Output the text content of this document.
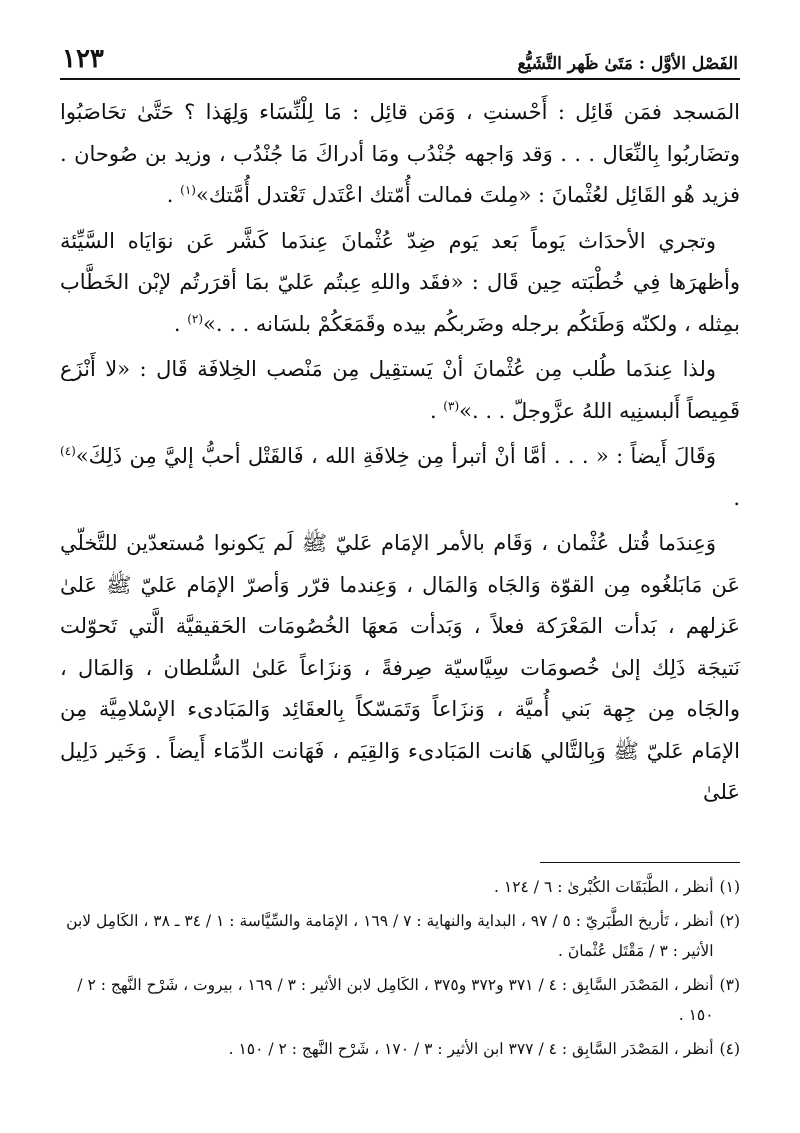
الفَصْل الأوَّل : مَتَىٰ ظَهر التَّشَيُّع
١٢٣

المَسجد فمَن قَائِل : أَحْسنتِ ، وَمَن قائِل : مَا لِلْنِّسَاء وَلِهَذا ؟ حَتَّىٰ تحَاصَبُوا وتضَاربُوا بِالنِّعَال . . . وَقد وَاجهه جُنْدُب ومَا أدراكَ مَا جُنْدُب ، وزيد بن صُوحان . فزيد هُو القَائِل لعُثْمانَ : «مِلتَ فمالت أُمّتك اعْتَدل تَعْتدل أُمَّتك»$^{(١)}$ .

وتجري الأحدَاث يَوماً بَعد يَوم ضِدّ عُثْمانَ عِندَما كَشَّر عَن نوَايَاه السَّيِّئة وأظهرَها فِي خُطْبَته حِين قَال : «فقَد واللهِ عِبتُم عَليّ بمَا أقرَرتُم لإبْن الخَطَّاب بمِثله ، ولكنّه وَطَئكُم برجله وضَربكُم بيده وقَمَعَكُمْ بلسَانه . . .»$^{(٢)}$ .

ولذا عِندَما طُلب مِن عُثْمانَ أنْ يَستقِيل مِن مَنْصب الخِلافَة قَال : «لا أَنْزَع قَمِيصاً أَلبسنِيه اللهُ عزَّوجلّ . . .»$^{(٣)}$ .

وَقَالَ أَيضاً : « . . . أمَّا أنْ أتبرأ مِن خِلافَةِ الله ، فَالقَتْل أحبُّ إليَّ مِن ذَلِكَ»$^{(٤)}$ .

وَعِندَما قُتل عُثْمان ، وَقَام بالأمر الإمَام عَليّ ﷺ لَم يَكونوا مُستعدّين للتَّخلّي عَن مَابَلغُوه مِن القوّة وَالجَاه وَالمَال ، وَعِندما قرّر وَأصرّ الإمَام عَليّ ﷺ عَلىٰ عَزلهم ، بَدأت المَعْرَكة فعلاً ، وَبَدأت مَعهَا الخُصُومَات الحَقيقيَّة الَّتي تَحوّلت نَتيجَة ذَلِك إلىٰ خُصومَات سِيَّاسيّة صِرفةً ، وَنزَاعاً عَلىٰ السُّلطان ، وَالمَال ، والجَاه مِن جِهة بَني أُميَّة ، وَنزَاعاً وَتَمَسّكاً بِالعقَائِد وَالمَبَادىء الإسْلامِيَّة مِن الإمَام عَليّ ﷺ وَبِالتَّالي هَانت المَبَادىء وَالقِيَم ، فَهَانت الدِّمَاء أَيضاً . وَخَير دَلِيل عَلىٰ

(١)
أنظر ، الطَّبَقَات الكُبْرىٰ : ٦ / ١٢٤ .
(٢)
أنظر ، تَأريخ الطَّبَريّ : ٥ / ٩٧ ، البداية والنهاية : ٧ / ١٦٩ ، الإمَامة والسِّيَّاسة : ١ / ٣٤ ـ ٣٨ ، الكَامِل لابن الأثير : ٣ / مَقْتَل عُثْمانَ .
(٣)
أنظر ، المَصْدَر السَّابِق : ٤ / ٣٧١ و٣٧٢ و٣٧٥ ، الكَامِل لابن الأثير : ٣ / ١٦٩ ، بيروت ، شَرْح النَّهج : ٢ / ١٥٠ .
(٤)
أنظر ، المَصْدَر السَّابِق : ٤ / ٣٧٧ ابن الأثير : ٣ / ١٧٠ ، شَرْح النَّهج : ٢ / ١٥٠ .
